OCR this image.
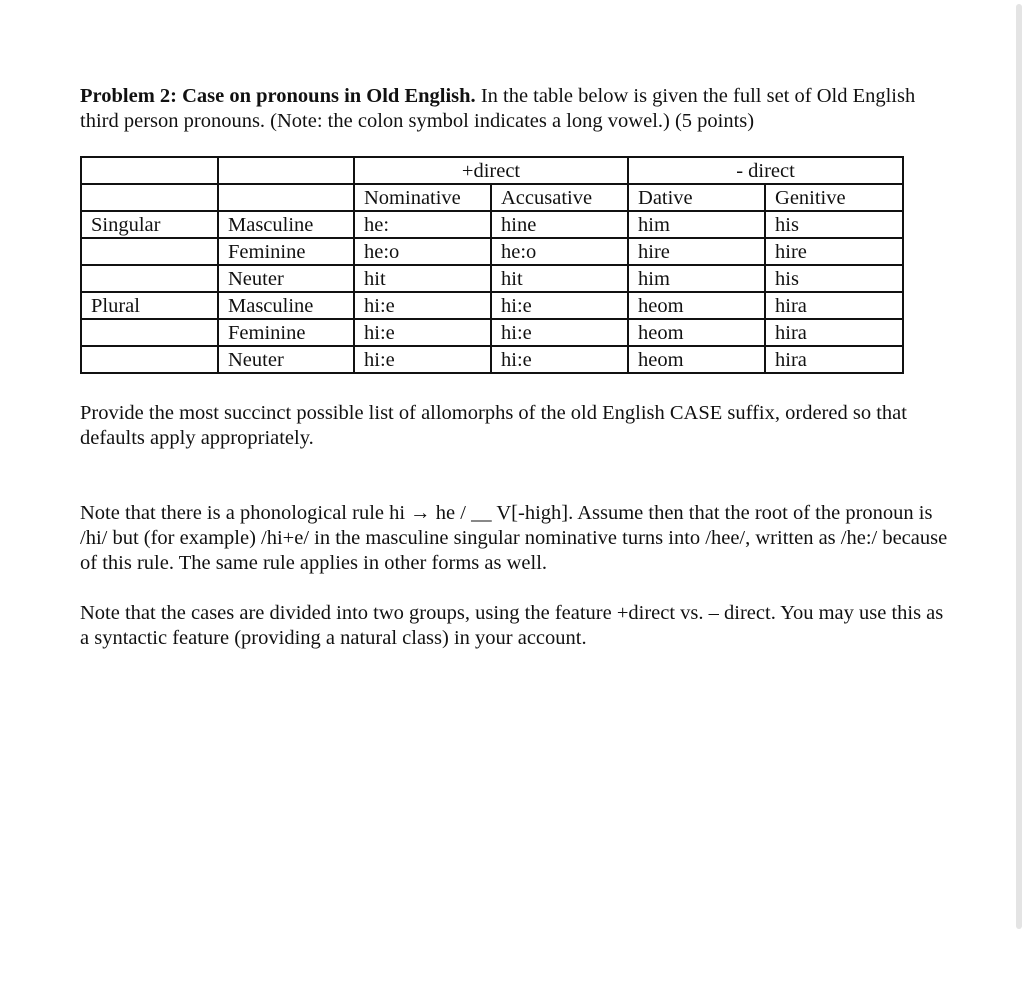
Problem 2: Case on pronouns in Old English. In the table below is given the full set of Old English third person pronouns. (Note: the colon symbol indicates a long vowel.) (5 points)

		+direct		- direct	
		Nominative	Accusative	Dative	Genitive
Singular	Masculine	he:	hine	him	his
	Feminine	he:o	he:o	hire	hire
	Neuter	hit	hit	him	his
Plural	Masculine	hi:e	hi:e	heom	hira
	Feminine	hi:e	hi:e	heom	hira
	Neuter	hi:e	hi:e	heom	hira

Provide the most succinct possible list of allomorphs of the old English CASE suffix, ordered so that defaults apply appropriately.

Note that there is a phonological rule hi → he / __ V[-high]. Assume then that the root of the pronoun is /hi/ but (for example) /hi+e/ in the masculine singular nominative turns into /hee/, written as /he:/ because of this rule. The same rule applies in other forms as well.

Note that the cases are divided into two groups, using the feature +direct vs. – direct. You may use this as a syntactic feature (providing a natural class) in your account.
